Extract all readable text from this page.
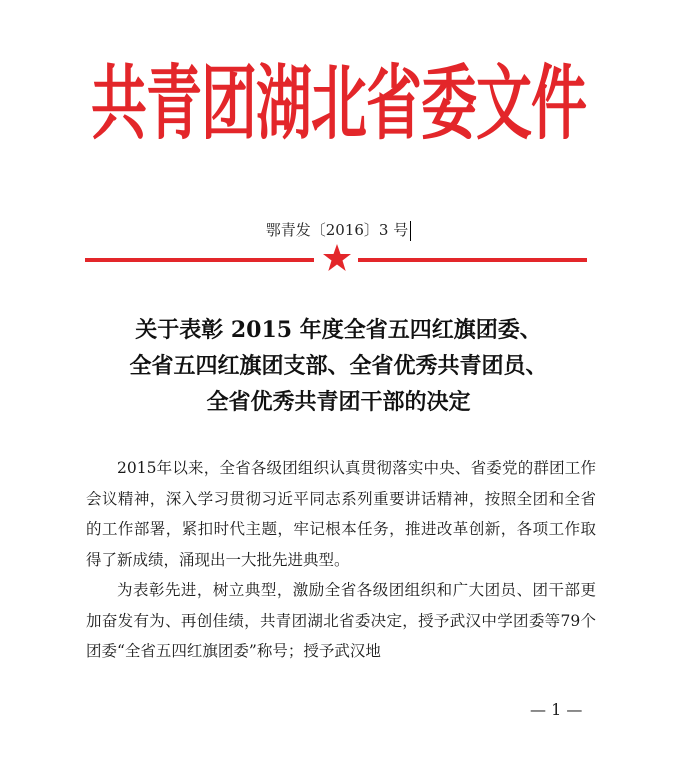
共青团湖北省委文件
鄂青发〔2016〕3 号
关于表彰 2015 年度全省五四红旗团委、
全省五四红旗团支部、全省优秀共青团员、
全省优秀共青团干部的决定

2015年以来，全省各级团组织认真贯彻落实中央、省委党的群团工作会议精神，深入学习贯彻习近平同志系列重要讲话精神，按照全团和全省的工作部署，紧扣时代主题，牢记根本任务，推进改革创新，各项工作取得了新成绩，涌现出一大批先进典型。

为表彰先进，树立典型，激励全省各级团组织和广大团员、团干部更加奋发有为、再创佳绩，共青团湖北省委决定，授予武汉中学团委等79个团委“全省五四红旗团委”称号；授予武汉地

— 1 —
